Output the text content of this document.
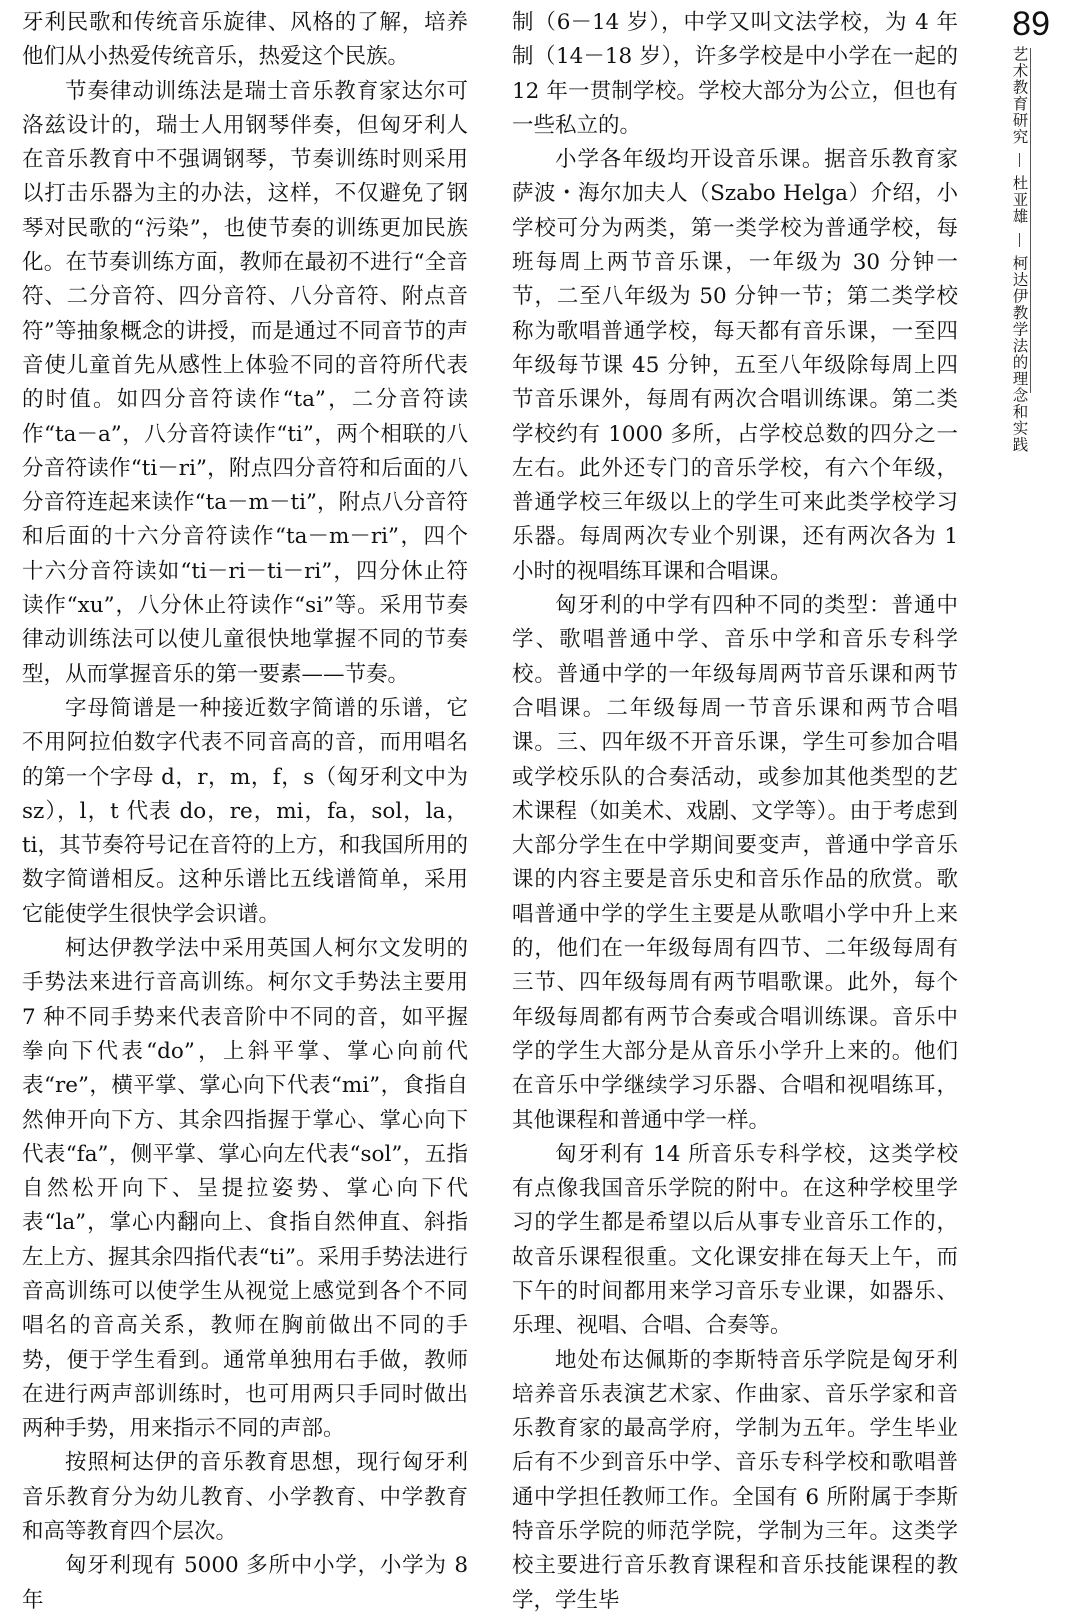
牙利民歌和传统音乐旋律、风格的了解，培养他们从小热爱传统音乐，热爱这个民族。

节奏律动训练法是瑞士音乐教育家达尔可洛兹设计的，瑞士人用钢琴伴奏，但匈牙利人在音乐教育中不强调钢琴，节奏训练时则采用以打击乐器为主的办法，这样，不仅避免了钢琴对民歌的“污染”，也使节奏的训练更加民族化。在节奏训练方面，教师在最初不进行“全音符、二分音符、四分音符、八分音符、附点音符”等抽象概念的讲授，而是通过不同音节的声音使儿童首先从感性上体验不同的音符所代表的时值。如四分音符读作“ta”，二分音符读作“ta－a”，八分音符读作“ti”，两个相联的八分音符读作“ti－ri”，附点四分音符和后面的八分音符连起来读作“ta－m－ti”，附点八分音符和后面的十六分音符读作“ta－m－ri”，四个十六分音符读如“ti－ri－ti－ri”，四分休止符读作“xu”，八分休止符读作“si”等。采用节奏律动训练法可以使儿童很快地掌握不同的节奏型，从而掌握音乐的第一要素——节奏。

字母简谱是一种接近数字简谱的乐谱，它不用阿拉伯数字代表不同音高的音，而用唱名的第一个字母 d，r，m，f，s（匈牙利文中为 sz），l，t 代表 do，re，mi，fa，sol，la，ti，其节奏符号记在音符的上方，和我国所用的数字简谱相反。这种乐谱比五线谱简单，采用它能使学生很快学会识谱。

柯达伊教学法中采用英国人柯尔文发明的手势法来进行音高训练。柯尔文手势法主要用 7 种不同手势来代表音阶中不同的音，如平握拳向下代表“do”，上斜平掌、掌心向前代表“re”，横平掌、掌心向下代表“mi”，食指自然伸开向下方、其余四指握于掌心、掌心向下代表“fa”，侧平掌、掌心向左代表“sol”，五指自然松开向下、呈提拉姿势、掌心向下代表“la”，掌心内翻向上、食指自然伸直、斜指左上方、握其余四指代表“ti”。采用手势法进行音高训练可以使学生从视觉上感觉到各个不同唱名的音高关系，教师在胸前做出不同的手势，便于学生看到。通常单独用右手做，教师在进行两声部训练时，也可用两只手同时做出两种手势，用来指示不同的声部。

按照柯达伊的音乐教育思想，现行匈牙利音乐教育分为幼儿教育、小学教育、中学教育和高等教育四个层次。

匈牙利现有 5000 多所中小学，小学为 8 年

制（6－14 岁），中学又叫文法学校，为 4 年制（14－18 岁），许多学校是中小学在一起的 12 年一贯制学校。学校大部分为公立，但也有一些私立的。

小学各年级均开设音乐课。据音乐教育家萨波・海尔加夫人（Szabo Helga）介绍，小学校可分为两类，第一类学校为普通学校，每班每周上两节音乐课，一年级为 30 分钟一节，二至八年级为 50 分钟一节；第二类学校称为歌唱普通学校，每天都有音乐课，一至四年级每节课 45 分钟，五至八年级除每周上四节音乐课外，每周有两次合唱训练课。第二类学校约有 1000 多所，占学校总数的四分之一左右。此外还专门的音乐学校，有六个年级，普通学校三年级以上的学生可来此类学校学习乐器。每周两次专业个别课，还有两次各为 1 小时的视唱练耳课和合唱课。

匈牙利的中学有四种不同的类型：普通中学、歌唱普通中学、音乐中学和音乐专科学校。普通中学的一年级每周两节音乐课和两节合唱课。二年级每周一节音乐课和两节合唱课。三、四年级不开音乐课，学生可参加合唱或学校乐队的合奏活动，或参加其他类型的艺术课程（如美术、戏剧、文学等）。由于考虑到大部分学生在中学期间要变声，普通中学音乐课的内容主要是音乐史和音乐作品的欣赏。歌唱普通中学的学生主要是从歌唱小学中升上来的，他们在一年级每周有四节、二年级每周有三节、四年级每周有两节唱歌课。此外，每个年级每周都有两节合奏或合唱训练课。音乐中学的学生大部分是从音乐小学升上来的。他们在音乐中学继续学习乐器、合唱和视唱练耳，其他课程和普通中学一样。

匈牙利有 14 所音乐专科学校，这类学校有点像我国音乐学院的附中。在这种学校里学习的学生都是希望以后从事专业音乐工作的，故音乐课程很重。文化课安排在每天上午，而下午的时间都用来学习音乐专业课，如器乐、乐理、视唱、合唱、合奏等。

地处布达佩斯的李斯特音乐学院是匈牙利培养音乐表演艺术家、作曲家、音乐学家和音乐教育家的最高学府，学制为五年。学生毕业后有不少到音乐中学、音乐专科学校和歌唱普通中学担任教师工作。全国有 6 所附属于李斯特音乐学院的师范学院，学制为三年。这类学校主要进行音乐教育课程和音乐技能课程的教学，学生毕

89
艺术教育研究
杜亚雄
柯达伊教学法的理念和实践
